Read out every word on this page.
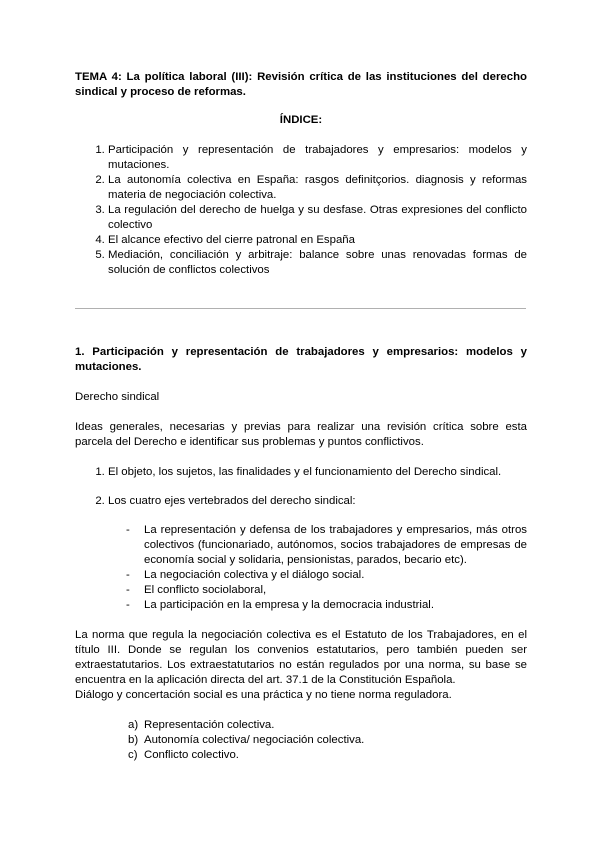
TEMA 4: La política laboral (III): Revisión crítica de las instituciones del derecho sindical y proceso de reformas.

ÍNDICE:

1. Participación y representación de trabajadores y empresarios: modelos y mutaciones.
2. La autonomía colectiva en España: rasgos definitçorios. diagnosis y reformas materia de negociación colectiva.
3. La regulación del derecho de huelga y su desfase. Otras expresiones del conflicto colectivo
4. El alcance efectivo del cierre patronal en España
5. Mediación, conciliación y arbitraje: balance sobre unas renovadas formas de solución de conflictos colectivos

1. Participación y representación de trabajadores y empresarios: modelos y mutaciones.

Derecho sindical

Ideas generales, necesarias y previas para realizar una revisión crítica sobre esta parcela del Derecho e identificar sus problemas y puntos conflictivos.

1. El objeto, los sujetos, las finalidades y el funcionamiento del Derecho sindical.
2. Los cuatro ejes vertebrados del derecho sindical:
- La representación y defensa de los trabajadores y empresarios, más otros colectivos (funcionariado, autónomos, socios trabajadores de empresas de economía social y solidaria, pensionistas, parados, becario etc).
- La negociación colectiva y el diálogo social.
- El conflicto sociolaboral,
- La participación en la empresa y la democracia industrial.

La norma que regula la negociación colectiva es el Estatuto de los Trabajadores, en el título III. Donde se regulan los convenios estatutarios, pero también pueden ser extraestatutarios. Los extraestatutarios no están regulados por una norma, su base se encuentra en la aplicación directa del art. 37.1 de la Constitución Española.

Diálogo y concertación social es una práctica y no tiene norma reguladora.

a) Representación colectiva.
b) Autonomía colectiva/ negociación colectiva.
c) Conflicto colectivo.
